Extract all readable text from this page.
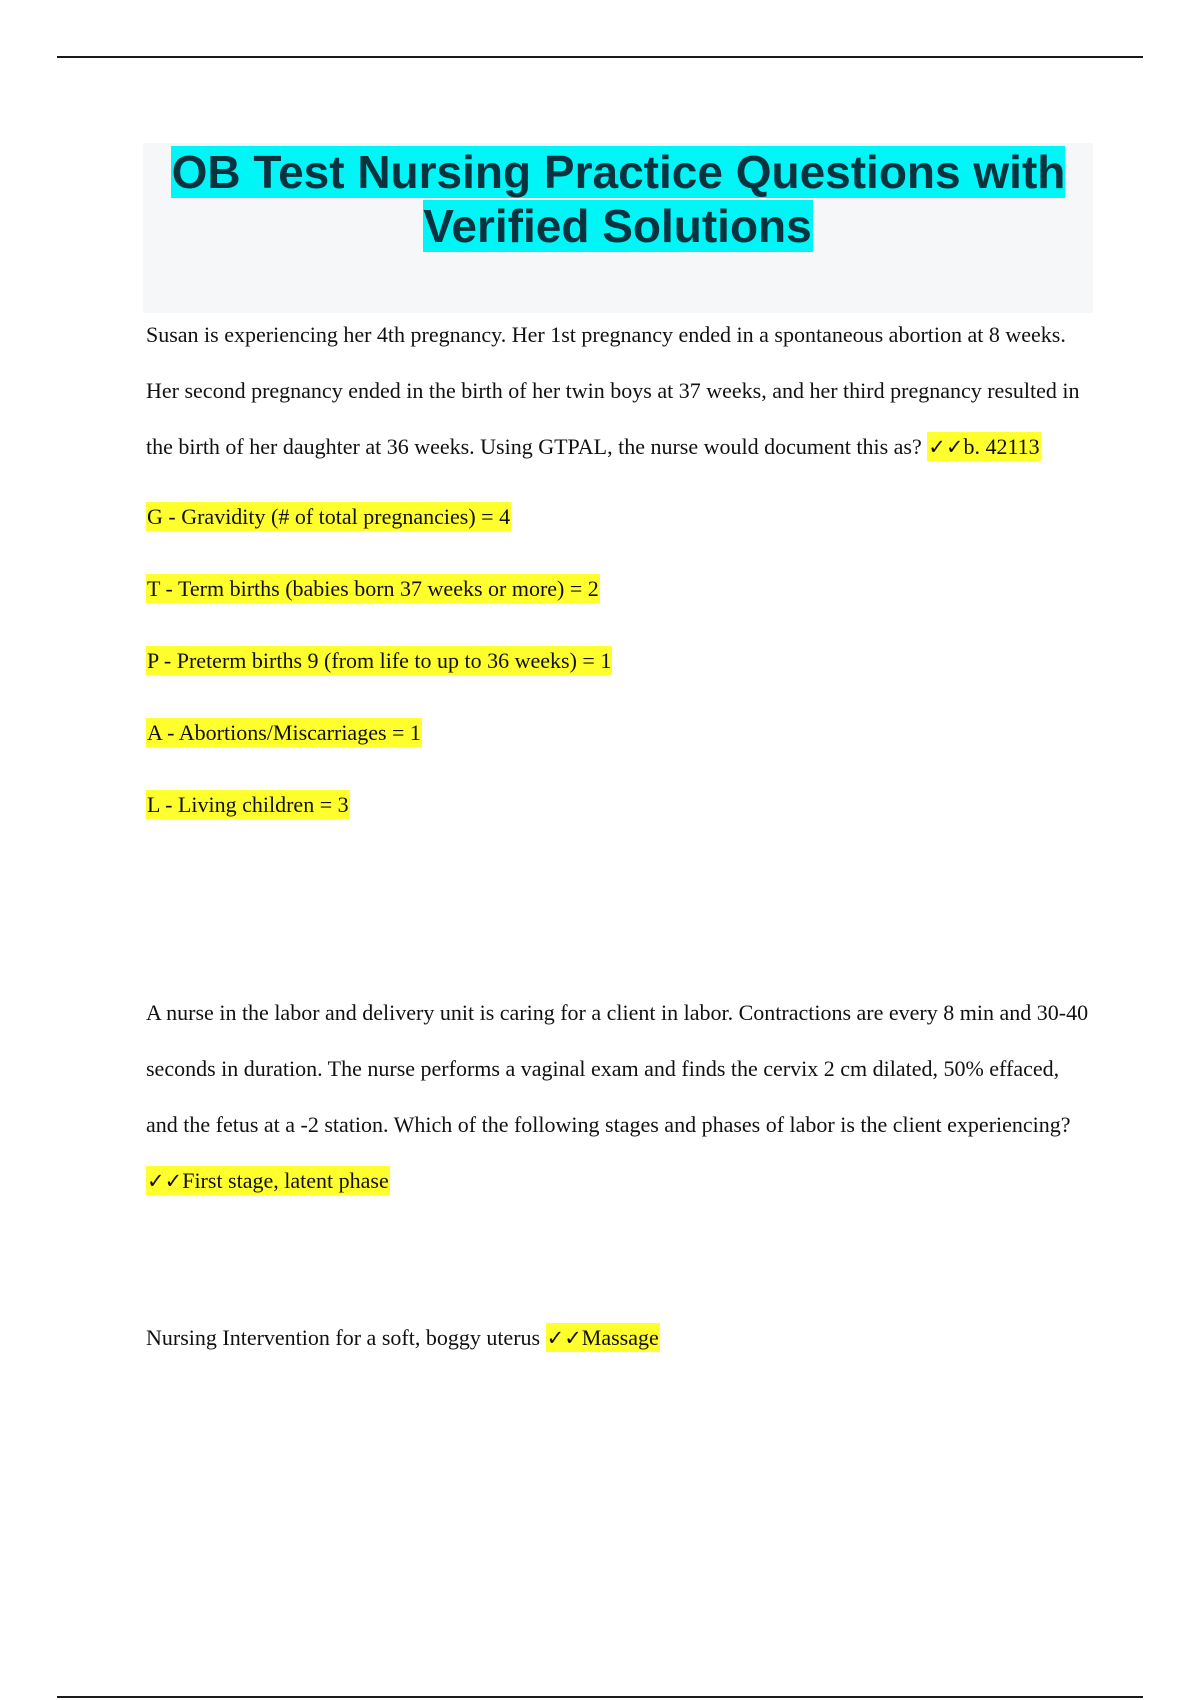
OB Test Nursing Practice Questions with Verified Solutions

Susan is experiencing her 4th pregnancy. Her 1st pregnancy ended in a spontaneous abortion at 8 weeks. Her second pregnancy ended in the birth of her twin boys at 37 weeks, and her third pregnancy resulted in the birth of her daughter at 36 weeks. Using GTPAL, the nurse would document this as? ✓✓b. 42113

G - Gravidity (# of total pregnancies) = 4

T - Term births (babies born 37 weeks or more) = 2

P - Preterm births 9 (from life to up to 36 weeks) = 1

A - Abortions/Miscarriages = 1

L - Living children = 3

A nurse in the labor and delivery unit is caring for a client in labor. Contractions are every 8 min and 30-40 seconds in duration. The nurse performs a vaginal exam and finds the cervix 2 cm dilated, 50% effaced, and the fetus at a -2 station. Which of the following stages and phases of labor is the client experiencing? ✓✓First stage, latent phase

Nursing Intervention for a soft, boggy uterus ✓✓Massage
